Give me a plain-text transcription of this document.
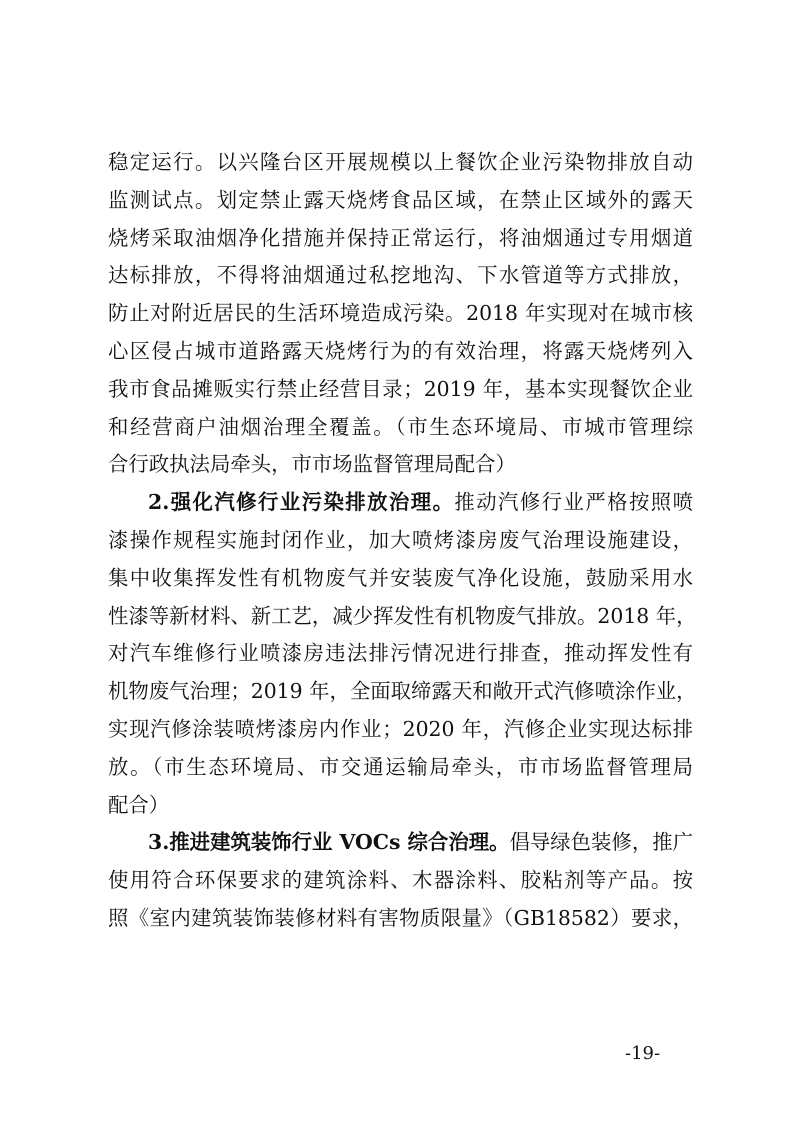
稳定运行。以兴隆台区开展规模以上餐饮企业污染物排放自动
监测试点。划定禁止露天烧烤食品区域，在禁止区域外的露天
烧烤采取油烟净化措施并保持正常运行，将油烟通过专用烟道
达标排放，不得将油烟通过私挖地沟、下水管道等方式排放，
防止对附近居民的生活环境造成污染。2018 年实现对在城市核
心区侵占城市道路露天烧烤行为的有效治理，将露天烧烤列入
我市食品摊贩实行禁止经营目录；2019 年，基本实现餐饮企业
和经营商户油烟治理全覆盖。（市生态环境局、市城市管理综
合行政执法局牵头，市市场监督管理局配合）
2.强化汽修行业污染排放治理。推动汽修行业严格按照喷
漆操作规程实施封闭作业，加大喷烤漆房废气治理设施建设，
集中收集挥发性有机物废气并安装废气净化设施，鼓励采用水
性漆等新材料、新工艺，减少挥发性有机物废气排放。2018 年，
对汽车维修行业喷漆房违法排污情况进行排查，推动挥发性有
机物废气治理；2019 年，全面取缔露天和敞开式汽修喷涂作业，
实现汽修涂装喷烤漆房内作业；2020 年，汽修企业实现达标排
放。（市生态环境局、市交通运输局牵头，市市场监督管理局
配合）
3.推进建筑装饰行业 VOCs 综合治理。倡导绿色装修，推广
使用符合环保要求的建筑涂料、木器涂料、胶粘剂等产品。按
照《室内建筑装饰装修材料有害物质限量》（GB18582）要求，
-19-
